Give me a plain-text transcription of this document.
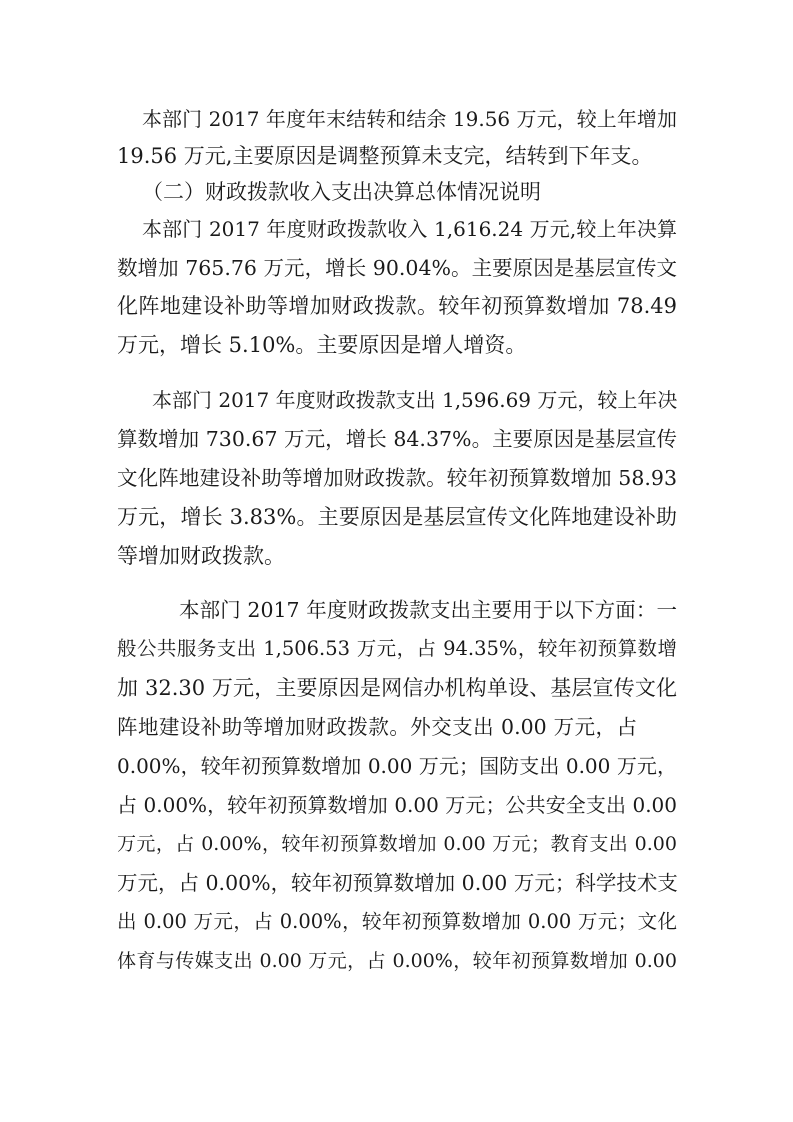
本部门 2017 年度年末结转和结余 19.56 万元，较上年增加
19.56 万元,主要原因是调整预算未支完，结转到下年支。
（二）财政拨款收入支出决算总体情况说明
本部门 2017 年度财政拨款收入 1,616.24 万元,较上年决算
数增加 765.76 万元，增长 90.04%。主要原因是基层宣传文
化阵地建设补助等增加财政拨款。较年初预算数增加 78.49
万元，增长 5.10%。主要原因是增人增资。
本部门 2017 年度财政拨款支出 1,596.69 万元，较上年决
算数增加 730.67 万元，增长 84.37%。主要原因是基层宣传
文化阵地建设补助等增加财政拨款。较年初预算数增加 58.93
万元，增长 3.83%。主要原因是基层宣传文化阵地建设补助
等增加财政拨款。
本部门 2017 年度财政拨款支出主要用于以下方面：一
般公共服务支出 1,506.53 万元，占 94.35%，较年初预算数增
加 32.30 万元，主要原因是网信办机构单设、基层宣传文化
阵地建设补助等增加财政拨款。外交支出 0.00 万元，占
0.00%，较年初预算数增加 0.00 万元；国防支出 0.00 万元，
占 0.00%，较年初预算数增加 0.00 万元；公共安全支出 0.00
万元，占 0.00%，较年初预算数增加 0.00 万元；教育支出 0.00
万元，占 0.00%，较年初预算数增加 0.00 万元；科学技术支
出 0.00 万元，占 0.00%，较年初预算数增加 0.00 万元；文化
体育与传媒支出 0.00 万元，占 0.00%，较年初预算数增加 0.00
